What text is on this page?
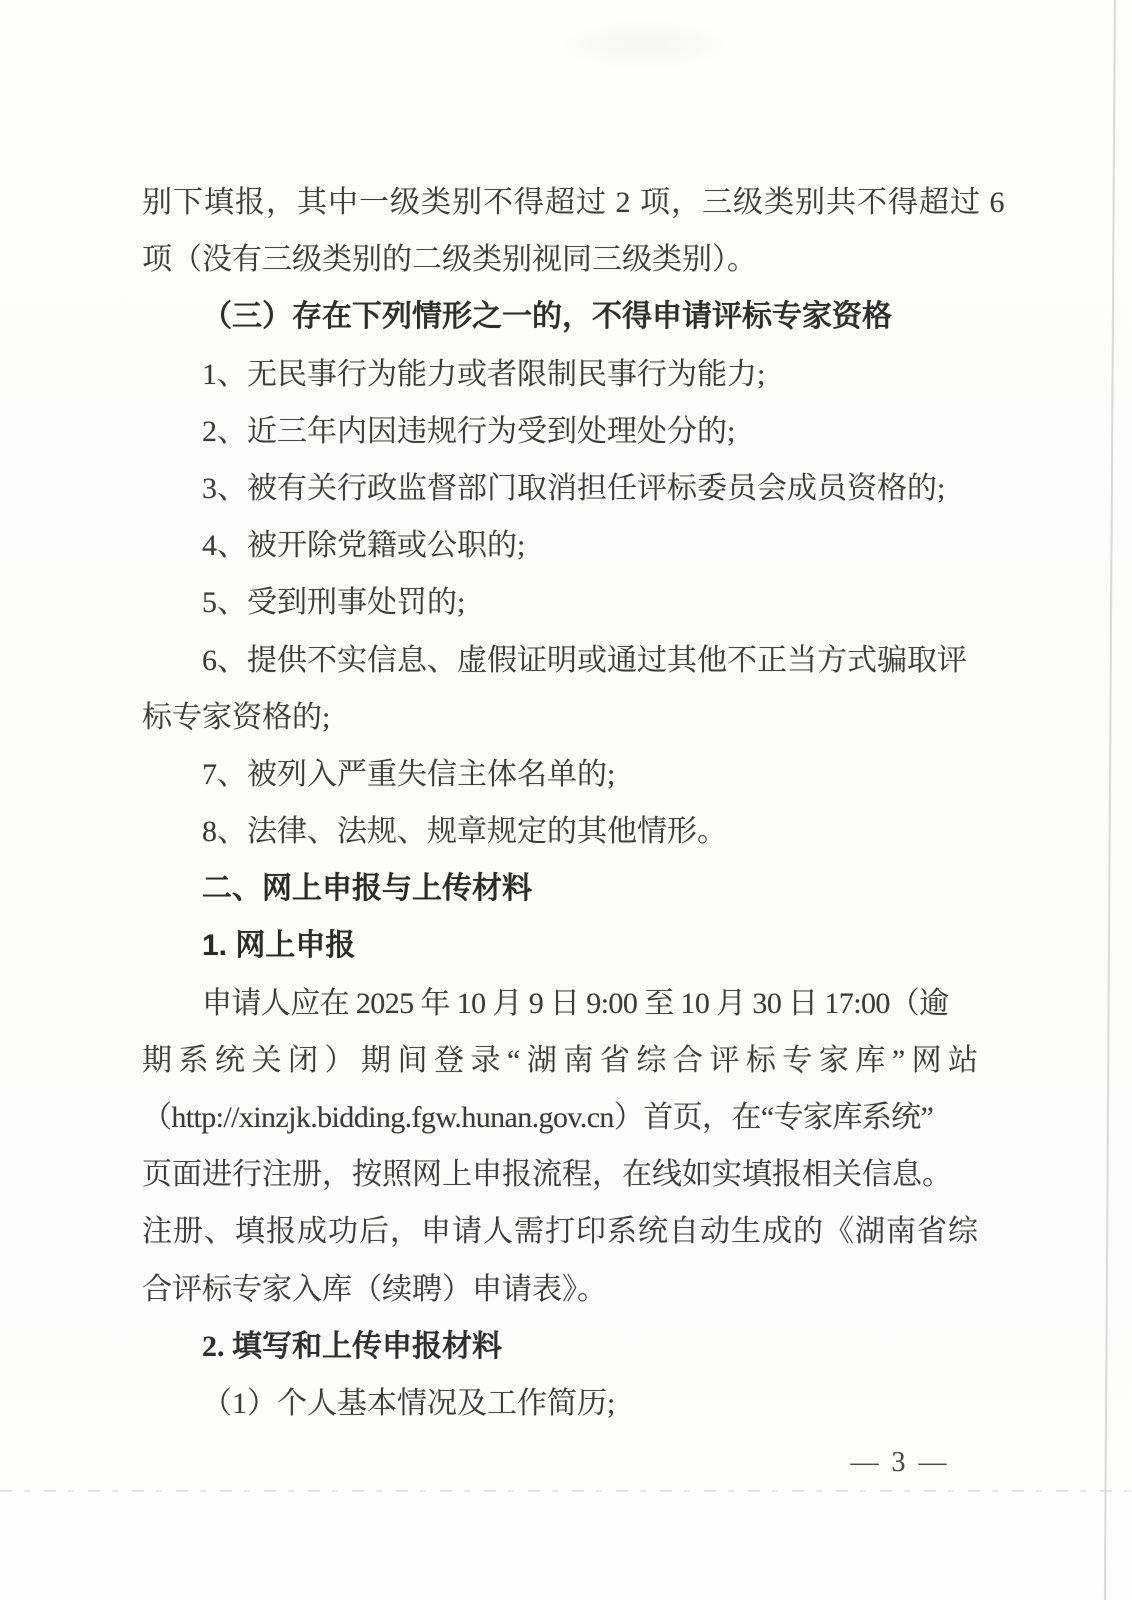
别下填报，其中一级类别不得超过 2 项，三级类别共不得超过 6
项（没有三级类别的二级类别视同三级类别）。
（三）存在下列情形之一的，不得申请评标专家资格
1、无民事行为能力或者限制民事行为能力;
2、近三年内因违规行为受到处理处分的;
3、被有关行政监督部门取消担任评标委员会成员资格的;
4、被开除党籍或公职的;
5、受到刑事处罚的;
6、提供不实信息、虚假证明或通过其他不正当方式骗取评
标专家资格的;
7、被列入严重失信主体名单的;
8、法律、法规、规章规定的其他情形。
二、网上申报与上传材料
1. 网上申报
申请人应在 2025 年 10 月 9 日 9:00 至 10 月 30 日 17:00（逾
期系统关闭）期间登录“湖南省综合评标专家库”网站
（http://xinzjk.bidding.fgw.hunan.gov.cn）首页，在“专家库系统”
页面进行注册，按照网上申报流程，在线如实填报相关信息。
注册、填报成功后，申请人需打印系统自动生成的《湖南省综
合评标专家入库（续聘）申请表》。
2. 填写和上传申报材料
（1）个人基本情况及工作简历;
— 3 —
